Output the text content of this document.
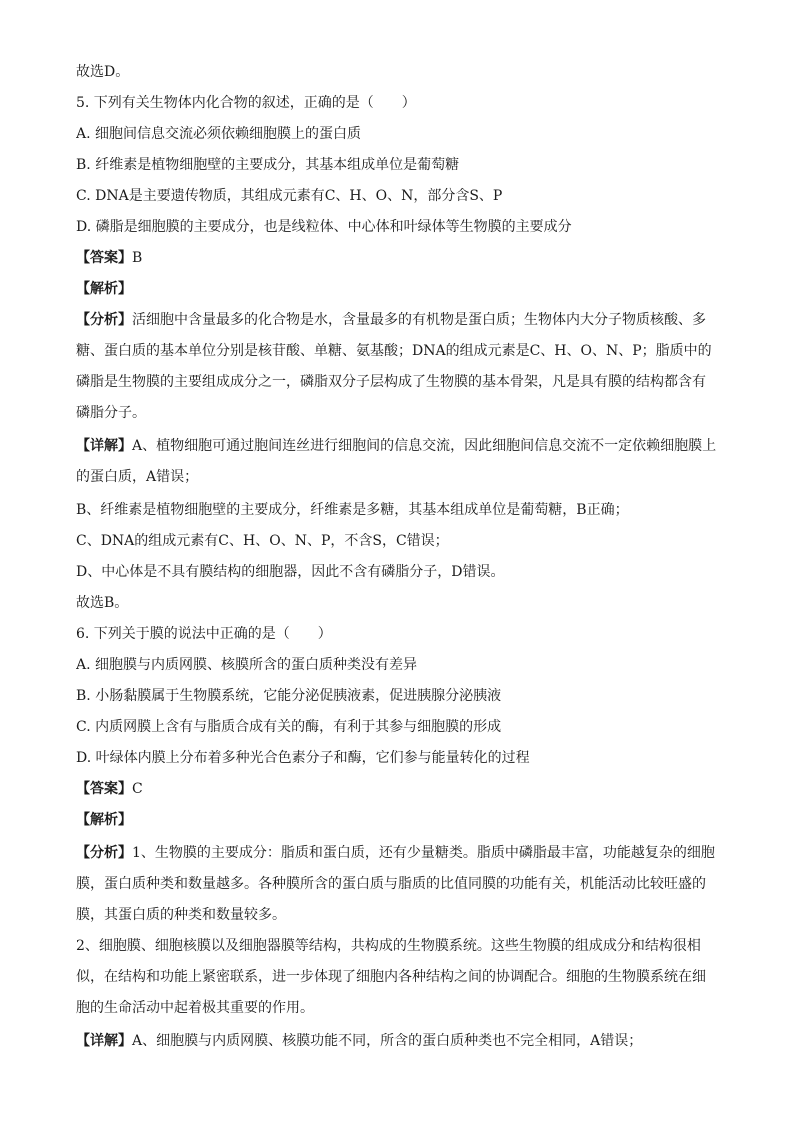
故选D。
5. 下列有关生物体内化合物的叙述，正确的是（　　）
A. 细胞间信息交流必须依赖细胞膜上的蛋白质
B. 纤维素是植物细胞壁的主要成分，其基本组成单位是葡萄糖
C. DNA是主要遗传物质，其组成元素有C、H、O、N，部分含S、P
D. 磷脂是细胞膜的主要成分，也是线粒体、中心体和叶绿体等生物膜的主要成分
【答案】B
【解析】
【分析】活细胞中含量最多的化合物是水，含量最多的有机物是蛋白质；生物体内大分子物质核酸、多
糖、蛋白质的基本单位分别是核苷酸、单糖、氨基酸；DNA的组成元素是C、H、O、N、P；脂质中的
磷脂是生物膜的主要组成成分之一，磷脂双分子层构成了生物膜的基本骨架，凡是具有膜的结构都含有
磷脂分子。
【详解】A、植物细胞可通过胞间连丝进行细胞间的信息交流，因此细胞间信息交流不一定依赖细胞膜上
的蛋白质，A错误；
B、纤维素是植物细胞壁的主要成分，纤维素是多糖，其基本组成单位是葡萄糖，B正确；
C、DNA的组成元素有C、H、O、N、P，不含S，C错误；
D、中心体是不具有膜结构的细胞器，因此不含有磷脂分子，D错误。
故选B。
6. 下列关于膜的说法中正确的是（　　）
A. 细胞膜与内质网膜、核膜所含的蛋白质种类没有差异
B. 小肠黏膜属于生物膜系统，它能分泌促胰液素，促进胰腺分泌胰液
C. 内质网膜上含有与脂质合成有关的酶，有利于其参与细胞膜的形成
D. 叶绿体内膜上分布着多种光合色素分子和酶，它们参与能量转化的过程
【答案】C
【解析】
【分析】1、生物膜的主要成分：脂质和蛋白质，还有少量糖类。脂质中磷脂最丰富，功能越复杂的细胞
膜，蛋白质种类和数量越多。各种膜所含的蛋白质与脂质的比值同膜的功能有关，机能活动比较旺盛的
膜，其蛋白质的种类和数量较多。
2、细胞膜、细胞核膜以及细胞器膜等结构，共构成的生物膜系统。这些生物膜的组成成分和结构很相
似，在结构和功能上紧密联系，进一步体现了细胞内各种结构之间的协调配合。细胞的生物膜系统在细
胞的生命活动中起着极其重要的作用。
【详解】A、细胞膜与内质网膜、核膜功能不同，所含的蛋白质种类也不完全相同，A错误；
